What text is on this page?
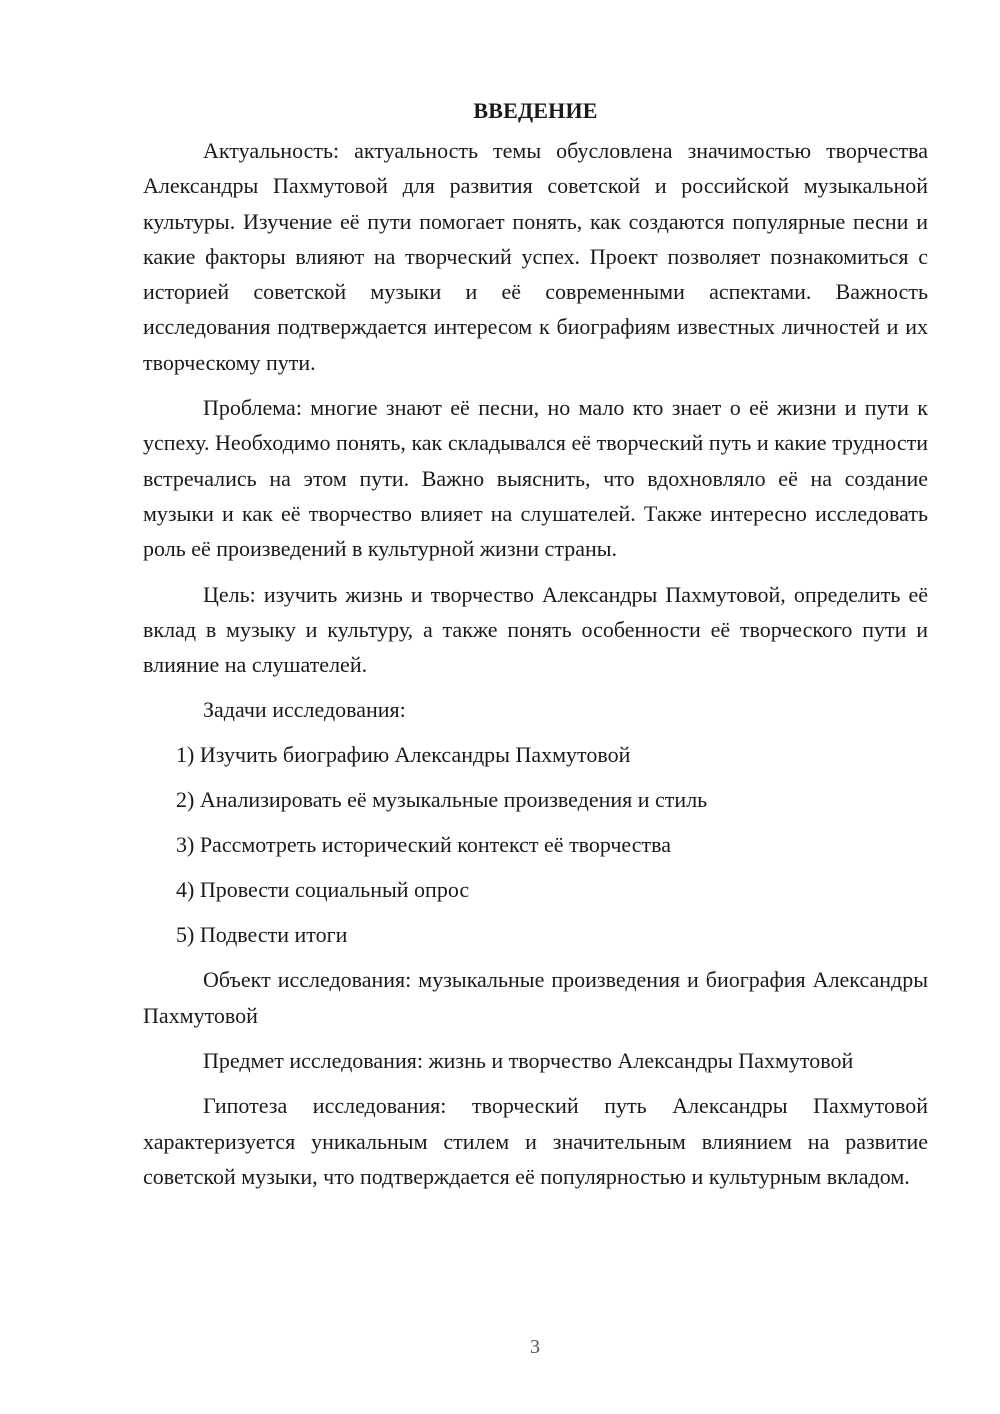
ВВЕДЕНИЕ

Актуальность: актуальность темы обусловлена значимостью творчества Александры Пахмутовой для развития советской и российской музыкальной культуры. Изучение её пути помогает понять, как создаются популярные песни и какие факторы влияют на творческий успех. Проект позволяет познакомиться с историей советской музыки и её современными аспектами. Важность исследования подтверждается интересом к биографиям известных личностей и их творческому пути.

Проблема: многие знают её песни, но мало кто знает о её жизни и пути к успеху. Необходимо понять, как складывался её творческий путь и какие трудности встречались на этом пути. Важно выяснить, что вдохновляло её на создание музыки и как её творчество влияет на слушателей. Также интересно исследовать роль её произведений в культурной жизни страны.

Цель: изучить жизнь и творчество Александры Пахмутовой, определить её вклад в музыку и культуру, а также понять особенности её творческого пути и влияние на слушателей.

Задачи исследования:
1) Изучить биографию Александры Пахмутовой
2) Анализировать её музыкальные произведения и стиль
3) Рассмотреть исторический контекст её творчества
4) Провести социальный опрос
5) Подвести итоги

Объект исследования: музыкальные произведения и биография Александры Пахмутовой

Предмет исследования: жизнь и творчество Александры Пахмутовой

Гипотеза исследования: творческий путь Александры Пахмутовой характеризуется уникальным стилем и значительным влиянием на развитие советской музыки, что подтверждается её популярностью и культурным вкладом.

3
